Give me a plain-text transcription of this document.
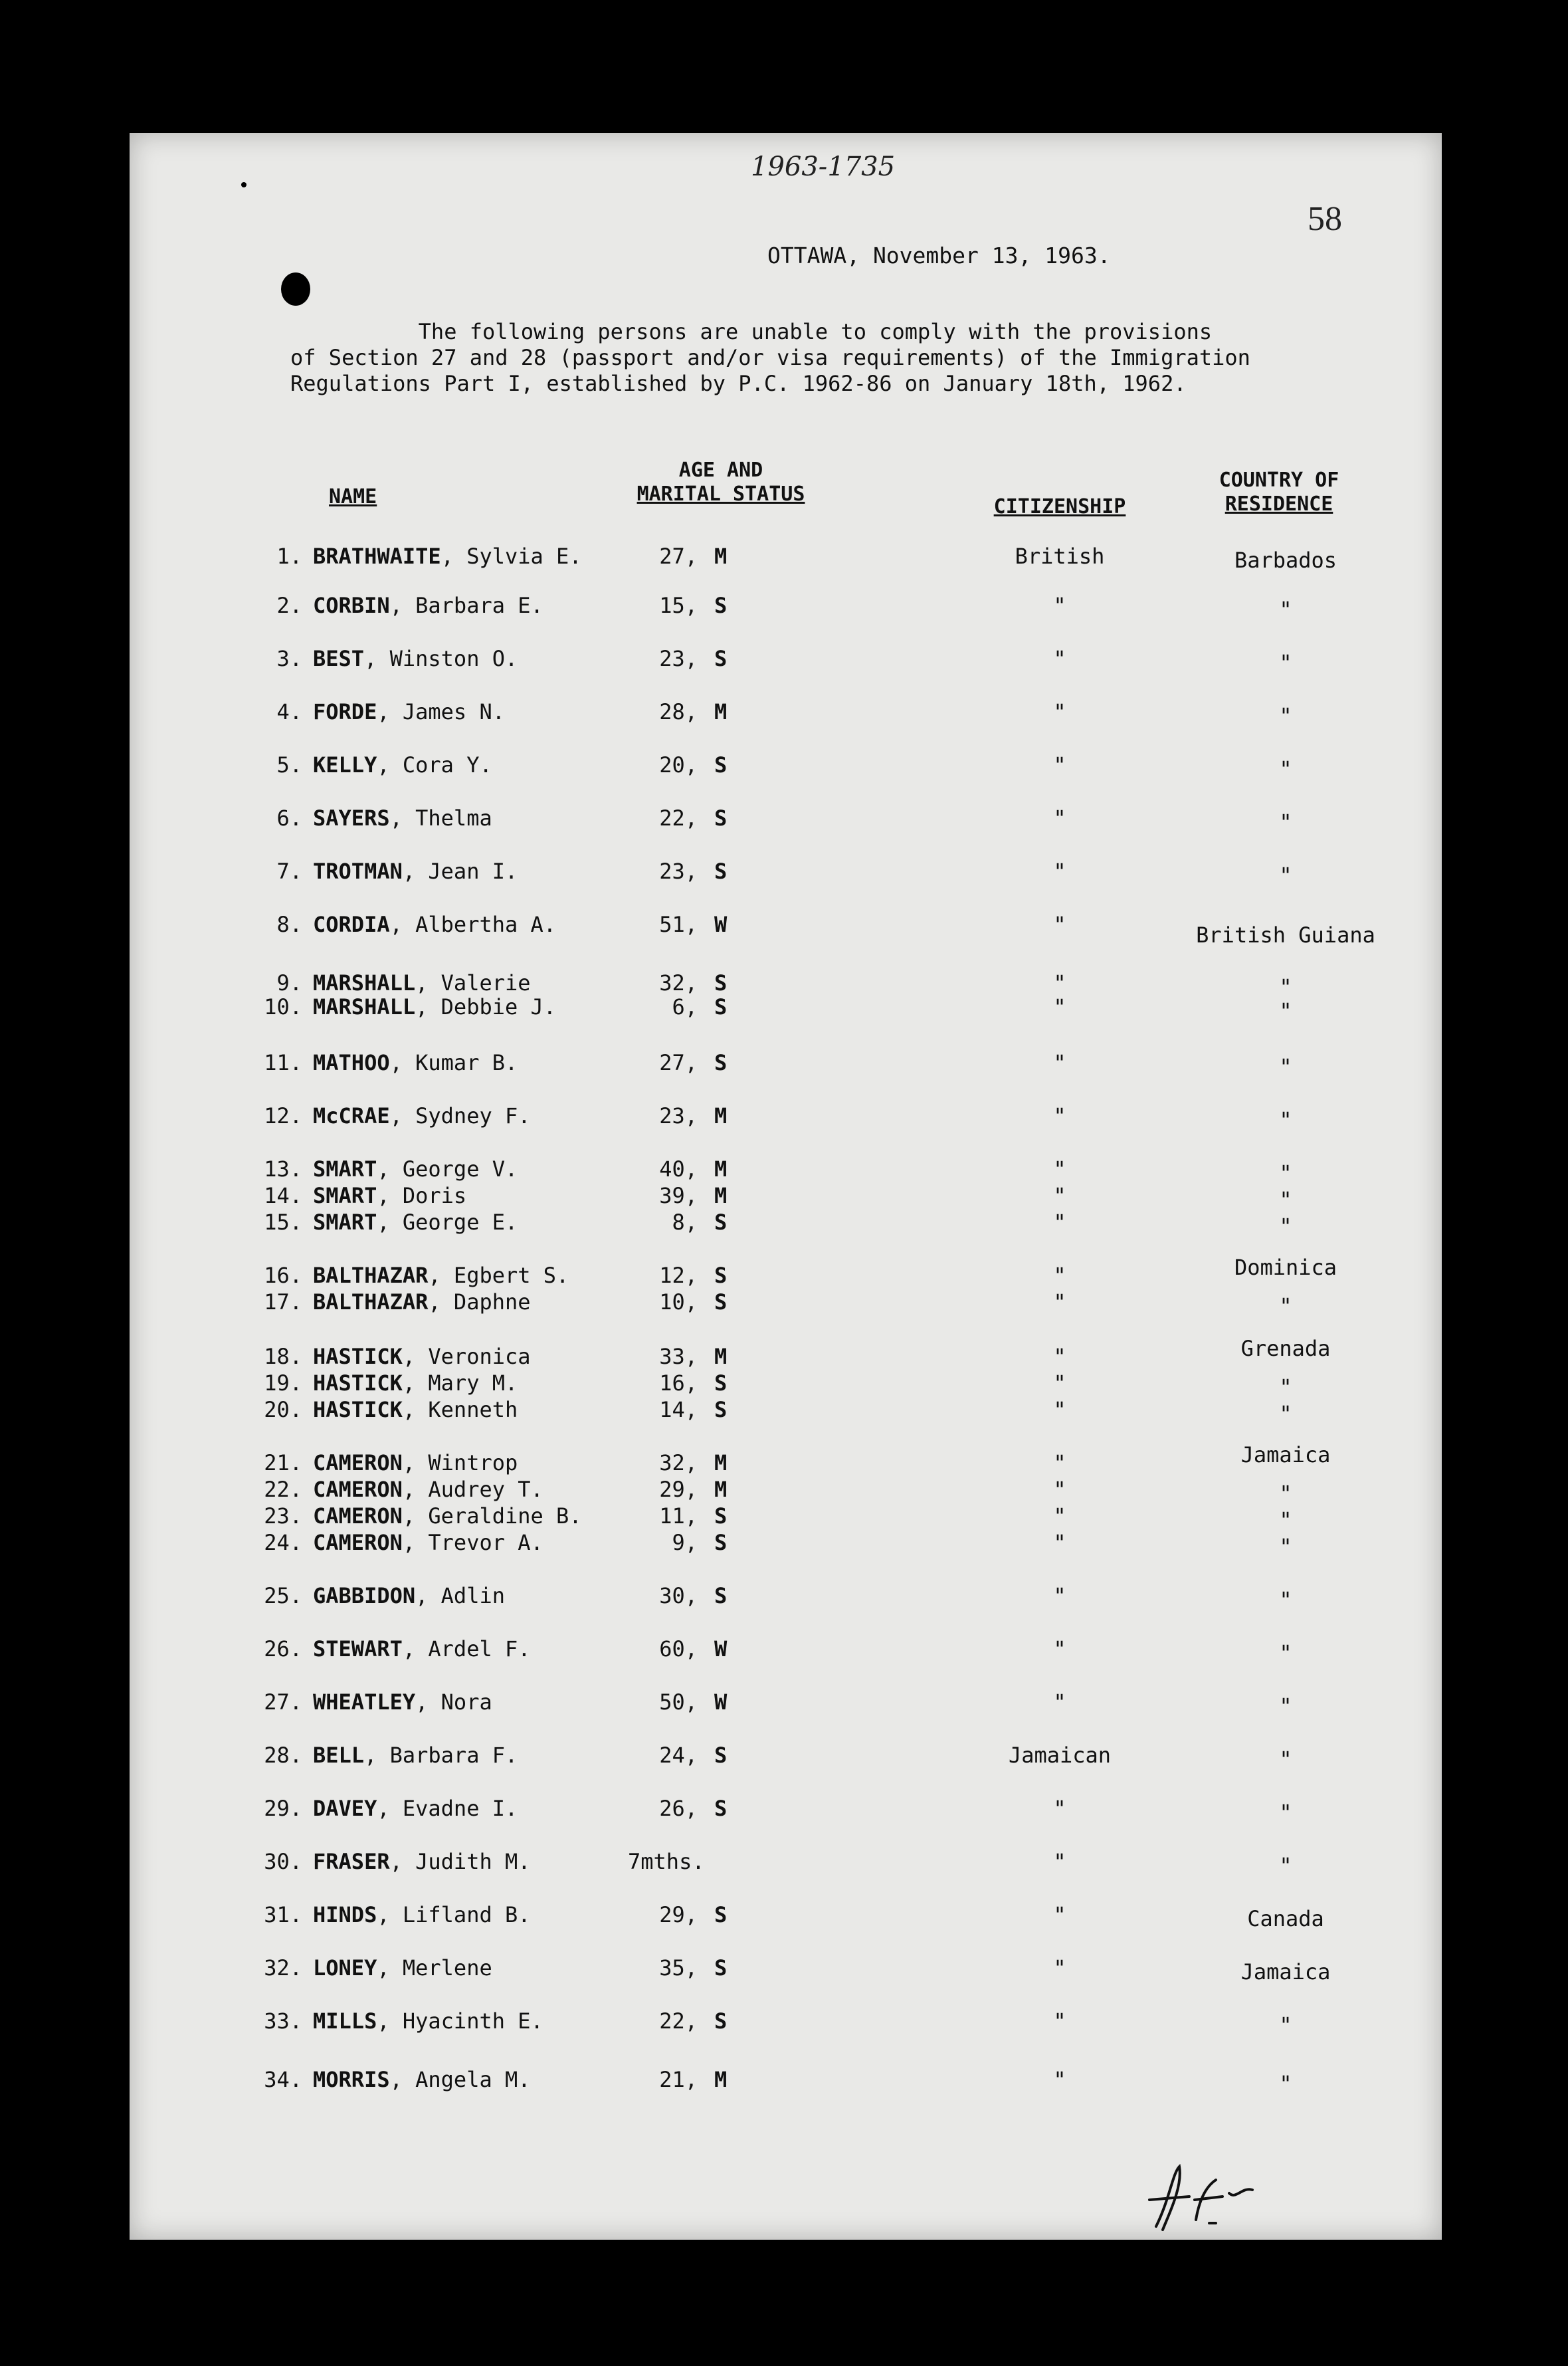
1963-1735
58
OTTAWA, November 13, 1963.

The following persons are unable to comply with the provisions

of Section 27 and 28 (passport and/or visa requirements) of the Immigration

Regulations Part I, established by P.C. 1962-86 on January 18th, 1962.

NAME
AGE AND
MARITAL STATUS
CITIZENSHIP
COUNTRY OF
RESIDENCE
1. BRATHWAITE, Sylvia E.	27, M	British	Barbados
2. CORBIN, Barbara E.	15, S	"	"
3. BEST, Winston O.	23, S	"	"
4. FORDE, James N.	28, M	"	"
5. KELLY, Cora Y.	20, S	"	"
6. SAYERS, Thelma	22, S	"	"
7. TROTMAN, Jean I.	23, S	"	"
8. CORDIA, Albertha A.	51, W	"	British Guiana
9. MARSHALL, Valerie	32, S	"	"
10. MARSHALL, Debbie J.	6, S	"	"
11. MATHOO, Kumar B.	27, S	"	"
12. McCRAE, Sydney F.	23, M	"	"
13. SMART, George V.	40, M	"	"
14. SMART, Doris	39, M	"	"
15. SMART, George E.	8, S	"	"
16. BALTHAZAR, Egbert S.	12, S	"	Dominica
17. BALTHAZAR, Daphne	10, S	"	"
18. HASTICK, Veronica	33, M	"	Grenada
19. HASTICK, Mary M.	16, S	"	"
20. HASTICK, Kenneth	14, S	"	"
21. CAMERON, Wintrop	32, M	"	Jamaica
22. CAMERON, Audrey T.	29, M	"	"
23. CAMERON, Geraldine B.	11, S	"	"
24. CAMERON, Trevor A.	9, S	"	"
25. GABBIDON, Adlin	30, S	"	"
26. STEWART, Ardel F.	60, W	"	"
27. WHEATLEY, Nora	50, W	"	"
28. BELL, Barbara F.	24, S	Jamaican	"
29. DAVEY, Evadne I.	26, S	"	"
30. FRASER, Judith M.	7mths.	"	"
31. HINDS, Lifland B.	29, S	"	Canada
32. LONEY, Merlene	35, S	"	Jamaica
33. MILLS, Hyacinth E.	22, S	"	"
34. MORRIS, Angela M.	21, M	"	"
